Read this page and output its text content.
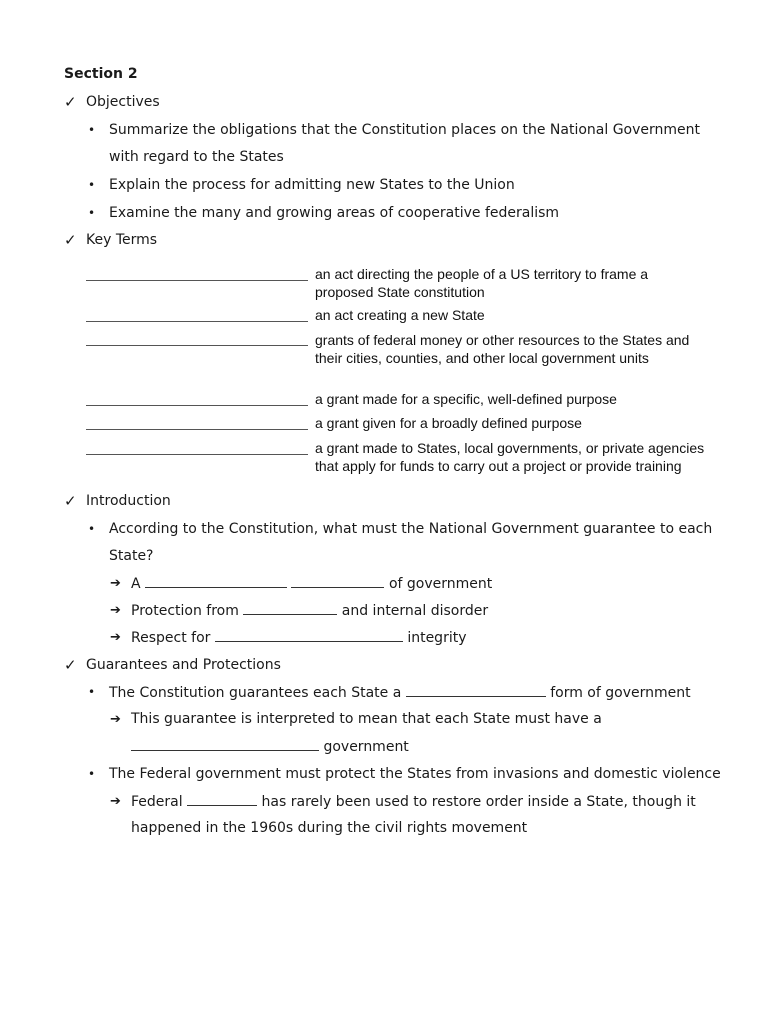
Section 2
✓ Objectives
• Summarize the obligations that the Constitution places on the National Government
with regard to the States
• Explain the process for admitting new States to the Union
• Examine the many and growing areas of cooperative federalism
✓ Key Terms
an act directing the people of a US territory to frame a proposed State constitution
an act creating a new State
grants of federal money or other resources to the States and their cities, counties, and other local government units
a grant made for a specific, well-defined purpose
a grant given for a broadly defined purpose
a grant made to States, local governments, or private agencies that apply for funds to carry out a project or provide training
✓ Introduction
• According to the Constitution, what must the National Government guarantee to each
State?
➔ A	of government
➔ Protection from	and internal disorder
➔ Respect for	integrity
✓ Guarantees and Protections
• The Constitution guarantees each State a	form of government
➔ This guarantee is interpreted to mean that each State must have a
government
• The Federal government must protect the States from invasions and domestic violence
➔ Federal	has rarely been used to restore order inside a State, though it
happened in the 1960s during the civil rights movement
